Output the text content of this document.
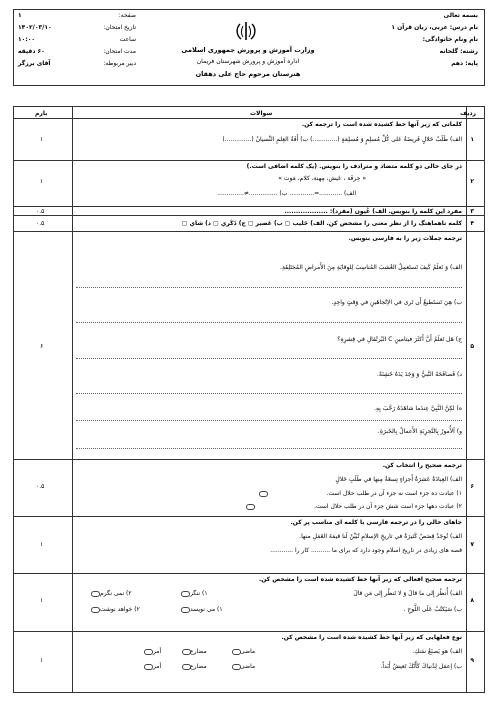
بسمه تعالی
نام درس: عربی، زبان قرآن ۱
نام ونام خانوادگی:
رشته: گلخانه
پایه: دهم
وزارت آموزش و پرورش جمهوری اسلامی
اداره آموزش و پرورش شهرستان فریمان
هنرستان مرحوم حاج علی دهقان
صفحه:
تاریخ امتحان:
ساعت
مدت امتحان:
دبیر مربوطه:
۱
۱۴۰۲/۰۳/۱۰
۱۰:۰۰
۶۰ دقیقه
آقای برزگر
ردیف
سوالات
بارم
۱
۱
کلماتی که زیر آنها خط کشیده شده است را ترجمه کن.
الف) طَلَبُ حَلالٍ فَريضَةٌ عَلى كُلِّ مُسلِمٍ وَ مُسلِمَةٍ (.............) ب) أَفَةُ العِلمِ النِّسيانُ (..............)
۲
۱
در جای خالی دو کلمه متضاد و مترادف را بنویس. (یک کلمه اضافی است.)
« حِرفَة ، عَيش، مِهنة، كلام، مَوت »
الف) ............=............. ب) ...............≠..............
۳
۰.۵	مفرد این کلمه را بنویس. الف) عُيون (مفرد): ...................
۴
۰.۵	کلمه ناهماهنگ را از نظر معنی را مشخص کن. الف) حَليب ▢ ب) عَصير ▢ ج) ذَكَري ▢ د) شاي ▢
۵
۶
ترجمه جملات زیر را به فارسی بنویس.
الف) وَ تَعلَمُ كَيفَ تَستَعمِلُ العُشبَ المُناسِبَ لِلوِقايَةِ مِنَ الأَمراضِ المُختَلِفَةِ.
ب) هِيَ تَستَطيعُ أَن تَرى في الاِتّجاهَينِ في وَقتٍ واحِدٍ.
ج) هَل تَعلَمُ أَنَّ أَكثَرَ فيتامينِ C البُرتُقالِ في قِشرِهِ؟
د) فَصافَحَهُ النَّبيُّ وَ وَجَدَ يَدَهُ خَشِنَةً.
ه) لكِنَّ النَّبِيَّ عِندَما شاهَدَهُ رَحَّبَ بِهِ.
و) اَلأُمورُ بِالتَّجرِبَةِ الأَعمالُ بِالخَبرَةِ.
۶
۰.۵
ترجمه صحیح را انتخاب کن.
الف) العِبادَةُ عَشرَةُ أَجزاءٍ تِسعَةٌ مِنها في طَلَبِ حَلالٍ
۱) عبادت ده جزء است نه جزء آن در طلب حلال است.
۲) عبادت دهها جزء است شش جزء آن در طلب حلال است.
۷
۱
جاهای خالی را در ترجمه فارسی با کلمه ای مناسب پر کن.
الف) تُوجَدُ قِصَصٌ كَثيرَةٌ في تاريخِ الإسلامِ تُبَيِّنُ لَنا قيمَةَ العَمَلِ منها.
قصه های زیادی در تاریخ اسلام وجود دارد که برای ما .......... کار را ............
۸
۱
ترجمه صحیح افعالی که زیر آنها خط کشیده شده است را مشخص کن.
الف) أُنظُر إِلى ما قالَ وَ لا تَنظُر إِلى مَن قالَ
۱) ننگر
۲) نمی نگرم
ب) سَيَكتُبُ عَلَى اللَّوحِ .
۱) می نویسد
۲) خواهد نوشت
۹
۱
نوع فعلهایی که زیر آنها خط کشیده شده است را مشخص کن.
الف) هو يَصنَعُ سَنكِ.
ب) اِعمَل لِدُنياكَ كَأَنَّكَ تَعيشُ أَبَداً.
ماضی
مضارع
أمر
ماضی
مضارع
أمر
